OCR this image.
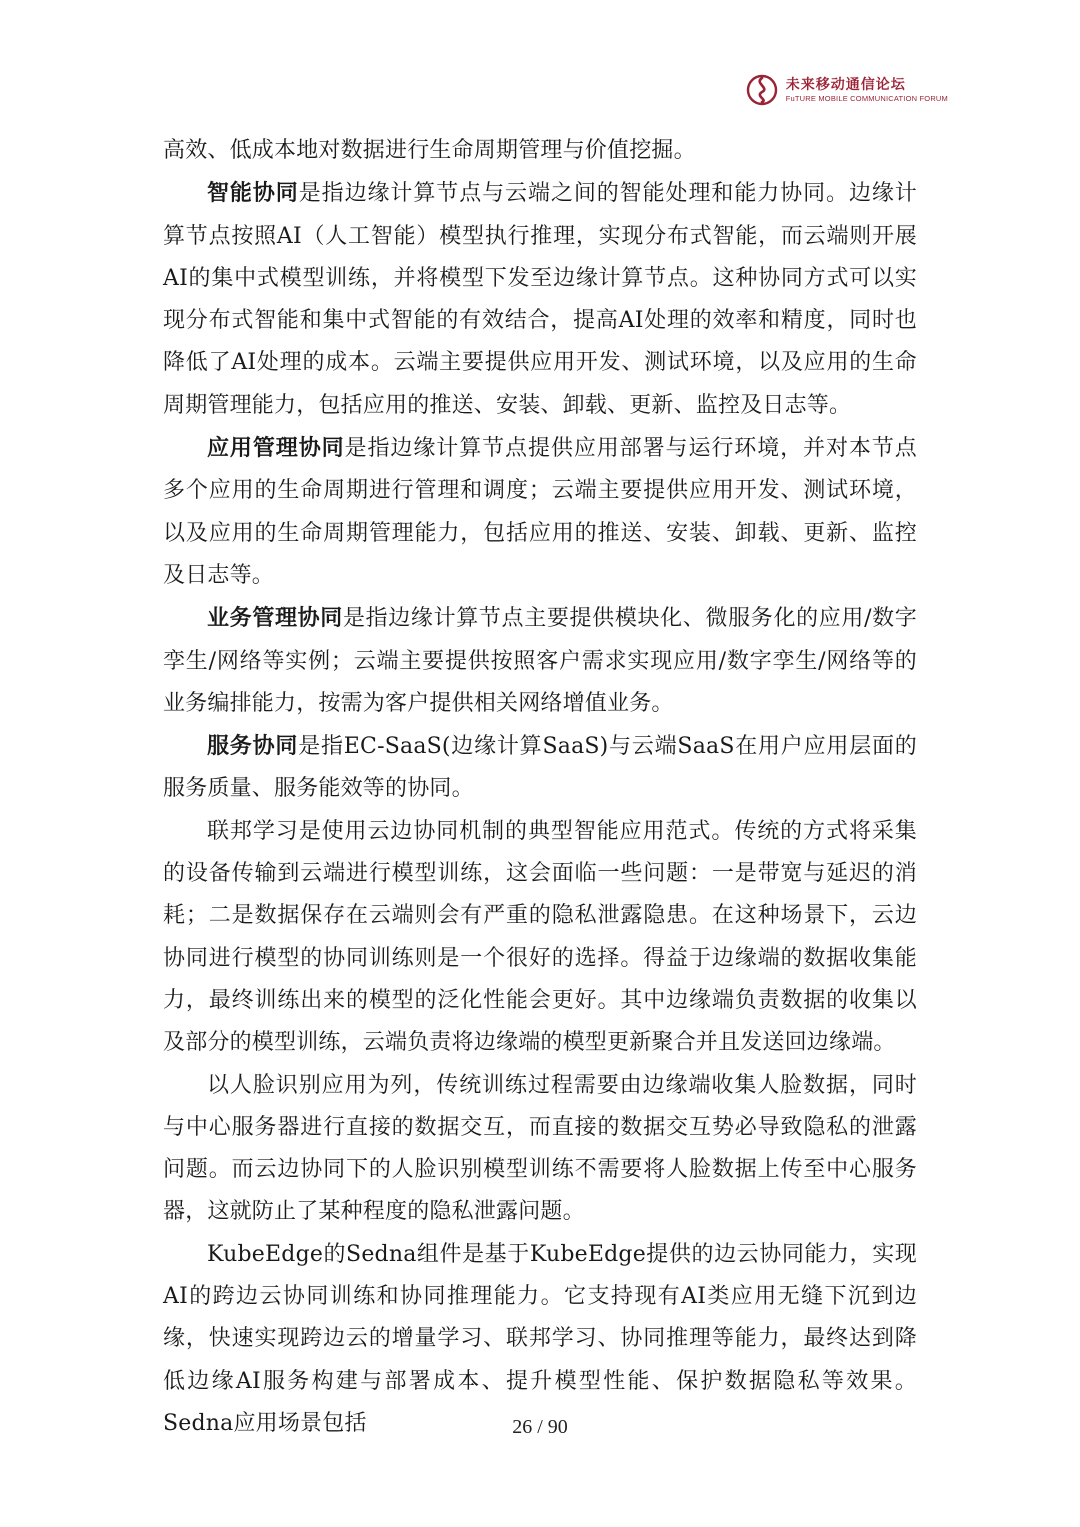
未来移动通信论坛
FuTURE MOBILE COMMUNICATION FORUM

高效、低成本地对数据进行生命周期管理与价值挖掘。

智能协同是指边缘计算节点与云端之间的智能处理和能力协同。边缘计算节点按照AI（人工智能）模型执行推理，实现分布式智能，而云端则开展AI的集中式模型训练，并将模型下发至边缘计算节点。这种协同方式可以实现分布式智能和集中式智能的有效结合，提高AI处理的效率和精度，同时也降低了AI处理的成本。云端主要提供应用开发、测试环境，以及应用的生命周期管理能力，包括应用的推送、安装、卸载、更新、监控及日志等。

应用管理协同是指边缘计算节点提供应用部署与运行环境，并对本节点多个应用的生命周期进行管理和调度；云端主要提供应用开发、测试环境，以及应用的生命周期管理能力，包括应用的推送、安装、卸载、更新、监控及日志等。

业务管理协同是指边缘计算节点主要提供模块化、微服务化的应用/数字孪生/网络等实例；云端主要提供按照客户需求实现应用/数字孪生/网络等的业务编排能力，按需为客户提供相关网络增值业务。

服务协同是指EC-SaaS(边缘计算SaaS)与云端SaaS在用户应用层面的服务质量、服务能效等的协同。

联邦学习是使用云边协同机制的典型智能应用范式。传统的方式将采集的设备传输到云端进行模型训练，这会面临一些问题：一是带宽与延迟的消耗；二是数据保存在云端则会有严重的隐私泄露隐患。在这种场景下，云边协同进行模型的协同训练则是一个很好的选择。得益于边缘端的数据收集能力，最终训练出来的模型的泛化性能会更好。其中边缘端负责数据的收集以及部分的模型训练，云端负责将边缘端的模型更新聚合并且发送回边缘端。

以人脸识别应用为列，传统训练过程需要由边缘端收集人脸数据，同时与中心服务器进行直接的数据交互，而直接的数据交互势必导致隐私的泄露问题。而云边协同下的人脸识别模型训练不需要将人脸数据上传至中心服务器，这就防止了某种程度的隐私泄露问题。

KubeEdge的Sedna组件是基于KubeEdge提供的边云协同能力，实现AI的跨边云协同训练和协同推理能力。它支持现有AI类应用无缝下沉到边缘，快速实现跨边云的增量学习、联邦学习、协同推理等能力，最终达到降低边缘AI服务构建与部署成本、提升模型性能、保护数据隐私等效果。Sedna应用场景包括	26 / 90
